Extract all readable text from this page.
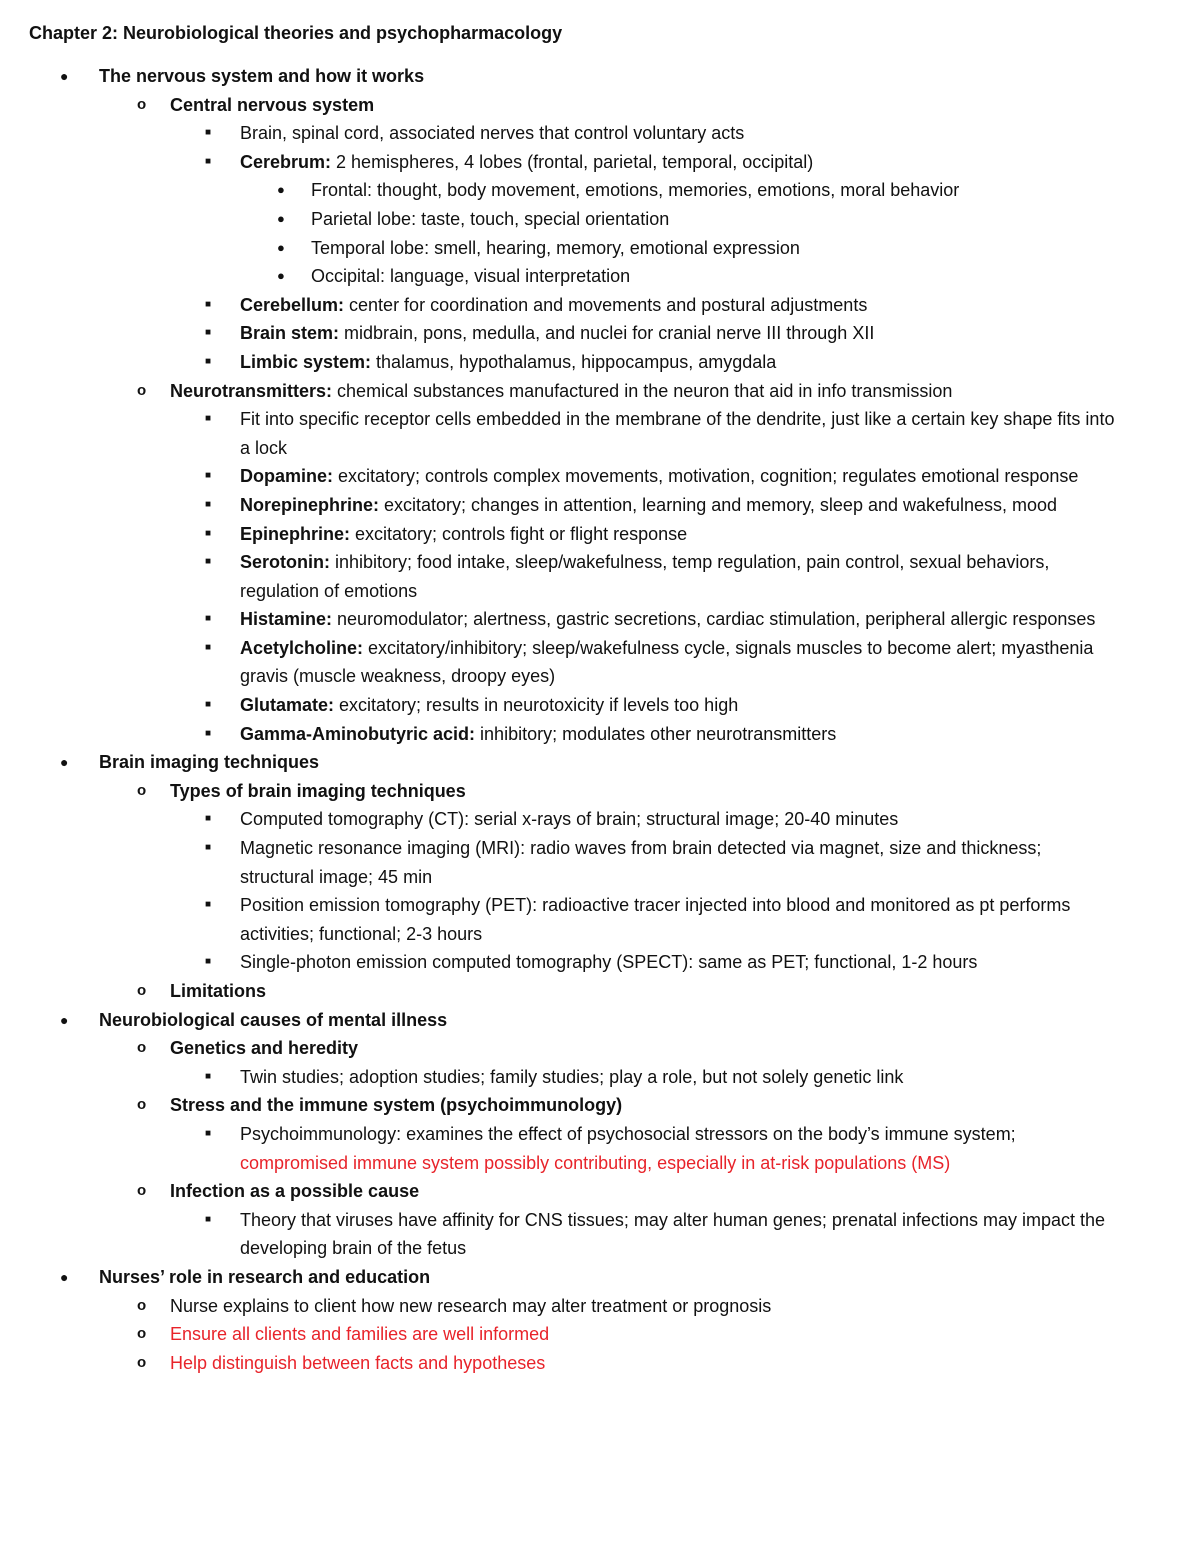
Chapter 2: Neurobiological theories and psychopharmacology
● The nervous system and how it works
o Central nervous system
■ Brain, spinal cord, associated nerves that control voluntary acts
■ Cerebrum: 2 hemispheres, 4 lobes (frontal, parietal, temporal, occipital)
● Frontal: thought, body movement, emotions, memories, emotions, moral behavior
● Parietal lobe: taste, touch, special orientation
● Temporal lobe: smell, hearing, memory, emotional expression
● Occipital: language, visual interpretation
■ Cerebellum: center for coordination and movements and postural adjustments
■ Brain stem: midbrain, pons, medulla, and nuclei for cranial nerve III through XII
■ Limbic system: thalamus, hypothalamus, hippocampus, amygdala
o Neurotransmitters: chemical substances manufactured in the neuron that aid in info transmission
■ Fit into specific receptor cells embedded in the membrane of the dendrite, just like a certain key shape fits into a lock
■ Dopamine: excitatory; controls complex movements, motivation, cognition; regulates emotional response
■ Norepinephrine: excitatory; changes in attention, learning and memory, sleep and wakefulness, mood
■ Epinephrine: excitatory; controls fight or flight response
■ Serotonin: inhibitory; food intake, sleep/wakefulness, temp regulation, pain control, sexual behaviors, regulation of emotions
■ Histamine: neuromodulator; alertness, gastric secretions, cardiac stimulation, peripheral allergic responses
■ Acetylcholine: excitatory/inhibitory; sleep/wakefulness cycle, signals muscles to become alert; myasthenia gravis (muscle weakness, droopy eyes)
■ Glutamate: excitatory; results in neurotoxicity if levels too high
■ Gamma-Aminobutyric acid: inhibitory; modulates other neurotransmitters
● Brain imaging techniques
o Types of brain imaging techniques
■ Computed tomography (CT): serial x-rays of brain; structural image; 20-40 minutes
■ Magnetic resonance imaging (MRI): radio waves from brain detected via magnet, size and thickness; structural image; 45 min
■ Position emission tomography (PET): radioactive tracer injected into blood and monitored as pt performs activities; functional; 2-3 hours
■ Single-photon emission computed tomography (SPECT): same as PET; functional, 1-2 hours
o Limitations
● Neurobiological causes of mental illness
o Genetics and heredity
■ Twin studies; adoption studies; family studies; play a role, but not solely genetic link
o Stress and the immune system (psychoimmunology)
■ Psychoimmunology: examines the effect of psychosocial stressors on the body’s immune system; compromised immune system possibly contributing, especially in at-risk populations (MS)
o Infection as a possible cause
■ Theory that viruses have affinity for CNS tissues; may alter human genes; prenatal infections may impact the developing brain of the fetus
● Nurses’ role in research and education
o Nurse explains to client how new research may alter treatment or prognosis
o Ensure all clients and families are well informed
o Help distinguish between facts and hypotheses
